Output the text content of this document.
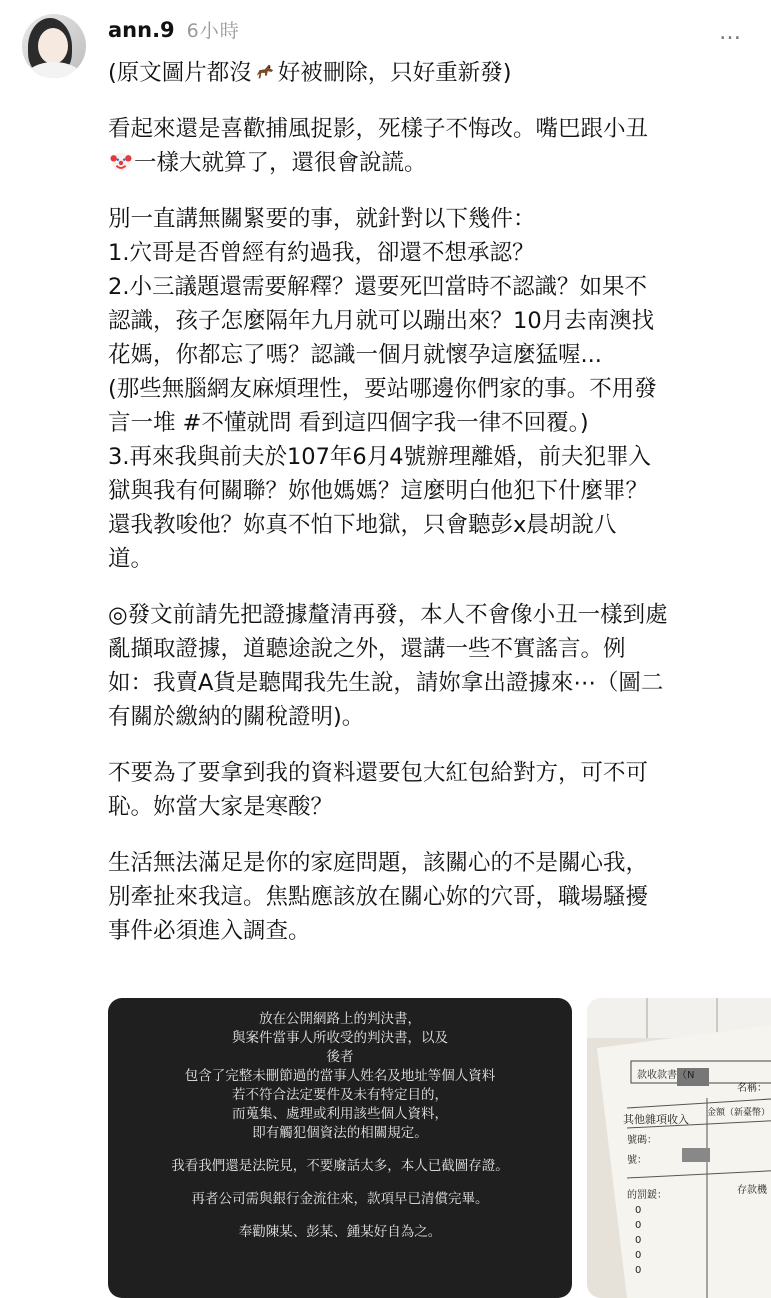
ann.9 6小時	…

(原文圖片都沒 好被刪除，只好重新發)

看起來還是喜歡捕風捉影，死樣子不悔改。嘴巴跟小丑

一樣大就算了，還很會說謊。

別一直講無關緊要的事，就針對以下幾件：

1.穴哥是否曾經有約過我，卻還不想承認？

2.小三議題還需要解釋？還要死凹當時不認識？如果不

認識，孩子怎麼隔年九月就可以蹦出來？10月去南澳找

花媽，你都忘了嗎？認識一個月就懷孕這麼猛喔...

(那些無腦網友麻煩理性，要站哪邊你們家的事。不用發

言一堆 #不懂就問 看到這四個字我一律不回覆。)

3.再來我與前夫於107年6月4號辦理離婚，前夫犯罪入

獄與我有何關聯？妳他媽媽？這麼明白他犯下什麼罪？

還我教唆他？妳真不怕下地獄，只會聽彭x晨胡說八

道。

◎發文前請先把證據釐清再發，本人不會像小丑一樣到處

亂擷取證據，道聽途說之外，還講一些不實謠言。例

如：我賣A貨是聽聞我先生說，請妳拿出證據來⋯（圖二

有關於繳納的關稅證明)。

不要為了要拿到我的資料還要包大紅包給對方，可不可

恥。妳當大家是寒酸？

生活無法滿足是你的家庭問題，該關心的不是關心我，

別牽扯來我這。焦點應該放在關心妳的穴哥，職場騷擾

事件必須進入調查。

放在公開網路上的判決書，

與案件當事人所收受的判決書，以及

後者

包含了完整未刪節過的當事人姓名及地址等個人資料

若不符合法定要件及未有特定目的，

而蒐集、處理或利用該些個人資料，

即有觸犯個資法的相關規定。

我看我們還是法院見，不要廢話太多，本人已截圖存證。

再者公司需與銀行金流往來，款項早已清償完畢。

奉勸陳某、彭某、鍾某好自為之。

款收款書（N
名稱：
其他雜項收入 金額（新臺幣）
號碼：
號：
的罰鍰：	存款機
0
0
0
0
0
